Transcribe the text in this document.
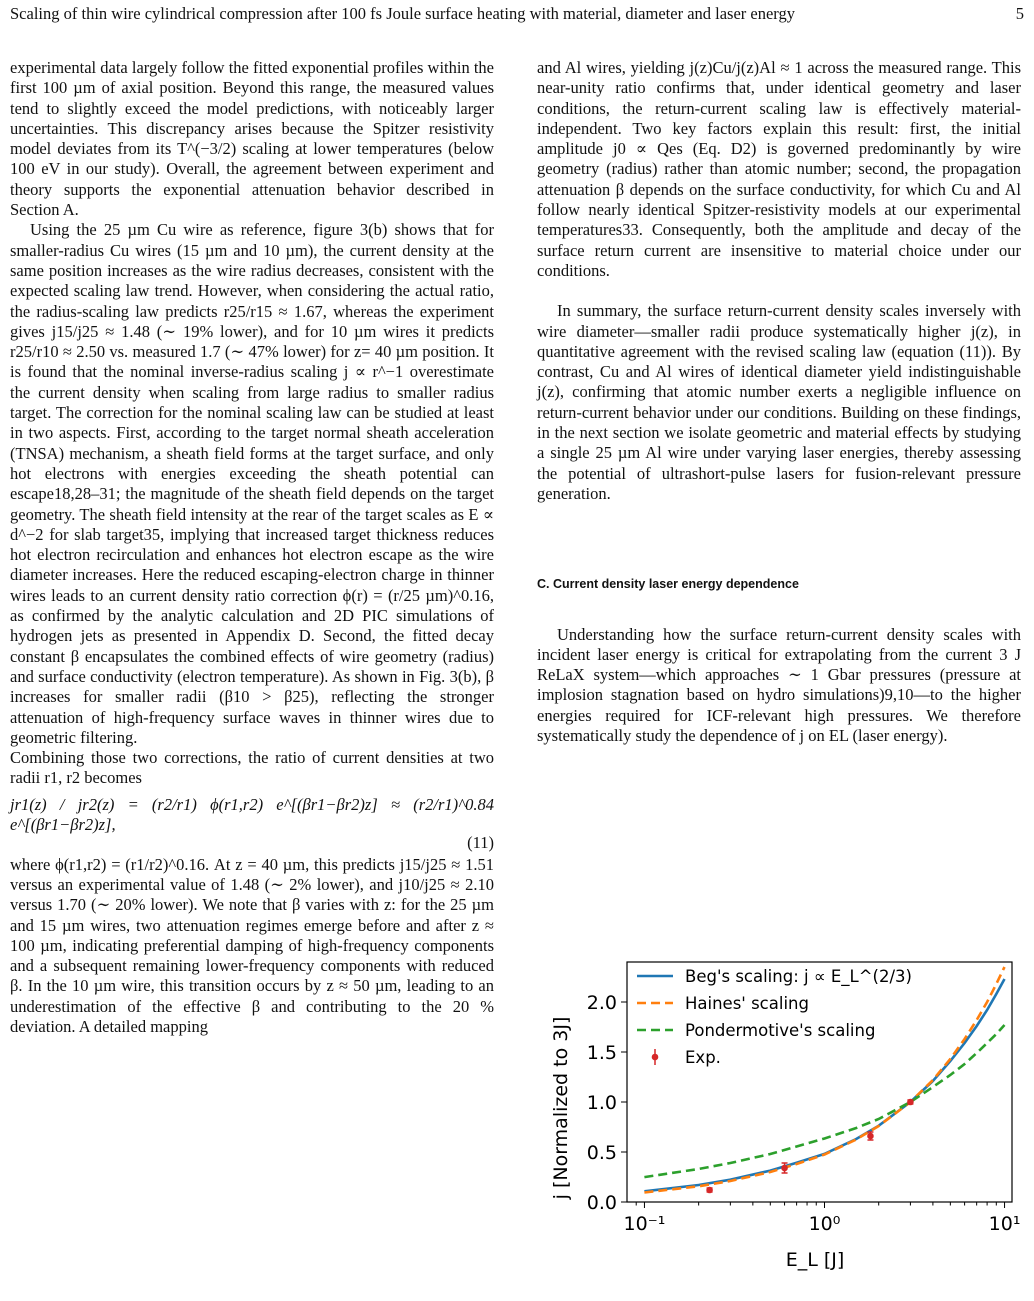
Scaling of thin wire cylindrical compression after 100 fs Joule surface heating with material, diameter and laser energy	5

experimental data largely follow the fitted exponential profiles within the first 100 µm of axial position. Beyond this range, the measured values tend to slightly exceed the model predictions, with noticeably larger uncertainties. This discrepancy arises because the Spitzer resistivity model deviates from its T^(−3/2) scaling at lower temperatures (below 100 eV in our study). Overall, the agreement between experiment and theory supports the exponential attenuation behavior described in Section A.

Using the 25 µm Cu wire as reference, figure 3(b) shows that for smaller-radius Cu wires (15 µm and 10 µm), the current density at the same position increases as the wire radius decreases, consistent with the expected scaling law trend. However, when considering the actual ratio, the radius-scaling law predicts r25/r15 ≈ 1.67, whereas the experiment gives j15/j25 ≈ 1.48 (∼ 19% lower), and for 10 µm wires it predicts r25/r10 ≈ 2.50 vs. measured 1.7 (∼ 47% lower) for z= 40 µm position. It is found that the nominal inverse-radius scaling j ∝ r^−1 overestimate the current density when scaling from large radius to smaller radius target. The correction for the nominal scaling law can be studied at least in two aspects. First, according to the target normal sheath acceleration (TNSA) mechanism, a sheath field forms at the target surface, and only hot electrons with energies exceeding the sheath potential can escape18,28–31; the magnitude of the sheath field depends on the target geometry. The sheath field intensity at the rear of the target scales as E ∝ d^−2 for slab target35, implying that increased target thickness reduces hot electron recirculation and enhances hot electron escape as the wire diameter increases. Here the reduced escaping-electron charge in thinner wires leads to an current density ratio correction ϕ(r) = (r/25 µm)^0.16, as confirmed by the analytic calculation and 2D PIC simulations of hydrogen jets as presented in Appendix D. Second, the fitted decay constant β encapsulates the combined effects of wire geometry (radius) and surface conductivity (electron temperature). As shown in Fig. 3(b), β increases for smaller radii (β10 > β25), reflecting the stronger attenuation of high-frequency surface waves in thinner wires due to geometric filtering.

Combining those two corrections, the ratio of current densities at two radii r1, r2 becomes

jr1(z) / jr2(z) = (r2/r1) ϕ(r1,r2) e^[(βr1−βr2)z] ≈ (r2/r1)^0.84 e^[(βr1−βr2)z],
(11)

where ϕ(r1,r2) = (r1/r2)^0.16. At z = 40 µm, this predicts j15/j25 ≈ 1.51 versus an experimental value of 1.48 (∼ 2% lower), and j10/j25 ≈ 2.10 versus 1.70 (∼ 20% lower). We note that β varies with z: for the 25 µm and 15 µm wires, two attenuation regimes emerge before and after z ≈ 100 µm, indicating preferential damping of high-frequency components and a subsequent remaining lower-frequency components with reduced β. In the 10 µm wire, this transition occurs by z ≈ 50 µm, leading to an underestimation of the effective β and contributing to the 20 % deviation. A detailed mapping

and Al wires, yielding j(z)Cu/j(z)Al ≈ 1 across the measured range. This near-unity ratio confirms that, under identical geometry and laser conditions, the return-current scaling law is effectively material-independent. Two key factors explain this result: first, the initial amplitude j0 ∝ Qes (Eq. D2) is governed predominantly by wire geometry (radius) rather than atomic number; second, the propagation attenuation β depends on the surface conductivity, for which Cu and Al follow nearly identical Spitzer-resistivity models at our experimental temperatures33. Consequently, both the amplitude and decay of the surface return current are insensitive to material choice under our conditions.

In summary, the surface return-current density scales inversely with wire diameter—smaller radii produce systematically higher j(z), in quantitative agreement with the revised scaling law (equation (11)). By contrast, Cu and Al wires of identical diameter yield indistinguishable j(z), confirming that atomic number exerts a negligible influence on return-current behavior under our conditions. Building on these findings, in the next section we isolate geometric and material effects by studying a single 25 µm Al wire under varying laser energies, thereby assessing the potential of ultrashort-pulse lasers for fusion-relevant pressure generation.

C. Current density laser energy dependence

Understanding how the surface return-current density scales with incident laser energy is critical for extrapolating from the current 3 J ReLaX system—which approaches ∼ 1 Gbar pressures (pressure at implosion stagnation based on hydro simulations)9,10—to the higher energies required for ICF-relevant high pressures. We therefore systematically study the dependence of j on EL (laser energy).

0.0
0.5
1.0
1.5
2.0
10⁻¹	10⁰	10¹
Beg's scaling: j ∝ E_L^(2/3)
Haines' scaling
Pondermotive's scaling
Exp.
E_L [J]
j [Normalized to 3J]
